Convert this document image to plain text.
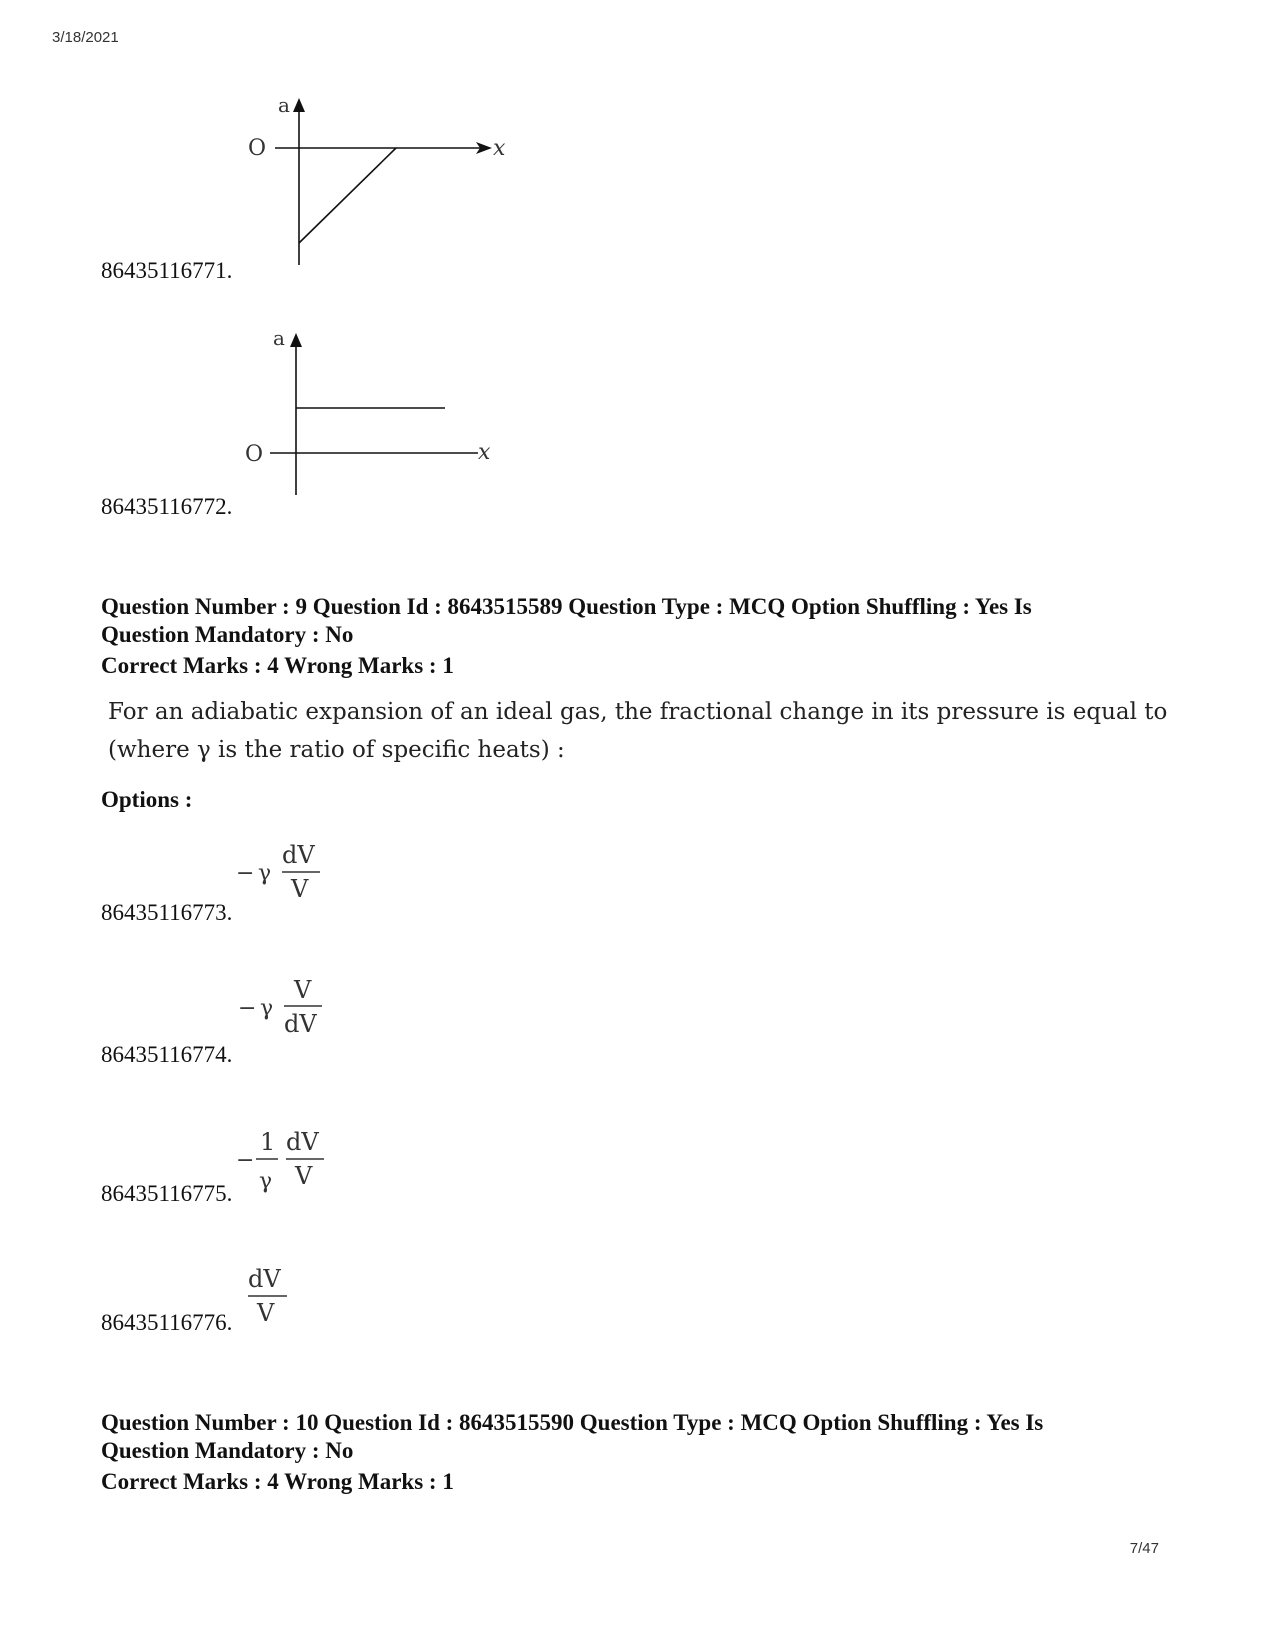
3/18/2021
a
O	x
86435116771.
a
O	x
86435116772.
Question Number : 9 Question Id : 8643515589 Question Type : MCQ Option Shuffling : Yes Is
Question Mandatory : No
Correct Marks : 4 Wrong Marks : 1
For an adiabatic expansion of an ideal gas, the fractional change in its pressure is equal to
(where γ is the ratio of specific heats) :
Options :
− γ
dV
V
86435116773.
− γ
V
dV
86435116774.
−
1
γ
dV
V
86435116775.
dV
V
86435116776.
Question Number : 10 Question Id : 8643515590 Question Type : MCQ Option Shuffling : Yes Is
Question Mandatory : No
Correct Marks : 4 Wrong Marks : 1
7/47
